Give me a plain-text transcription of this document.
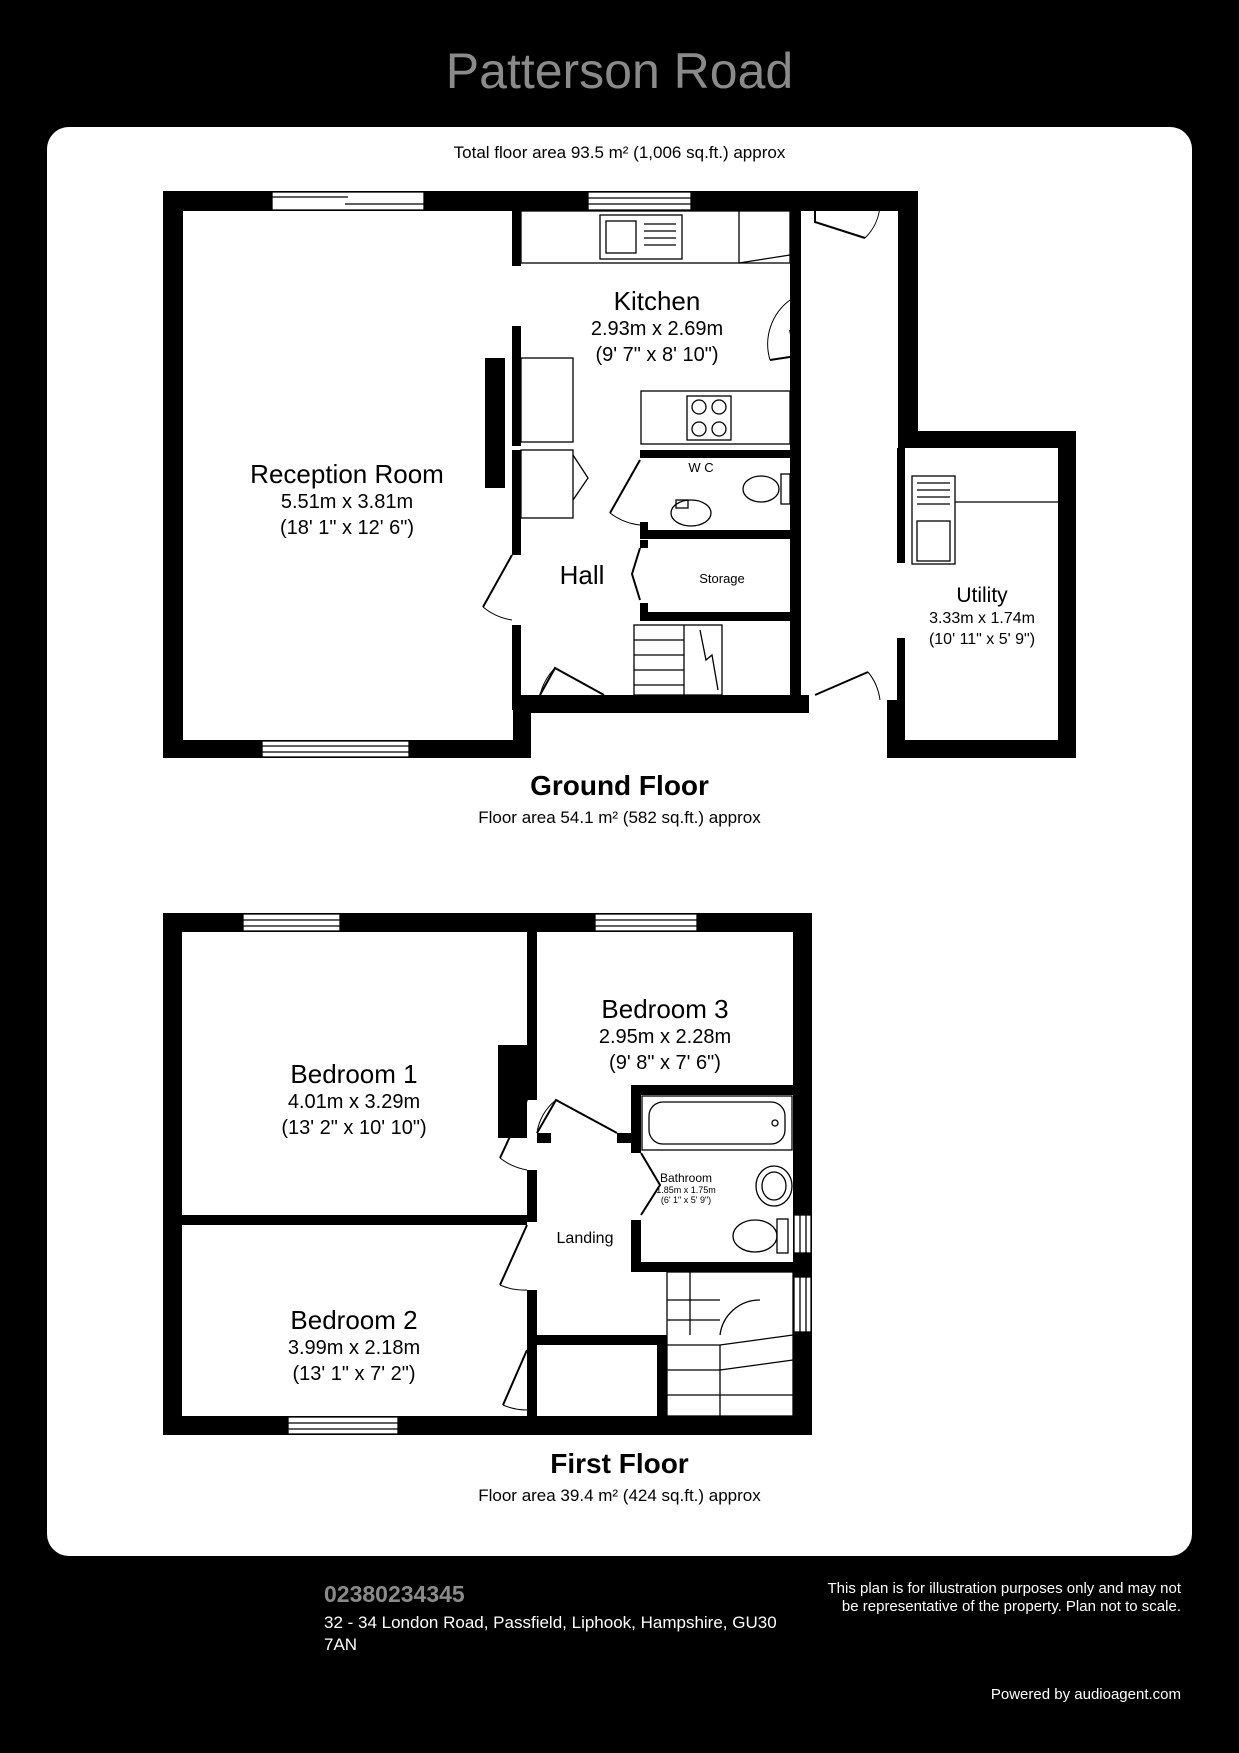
Patterson Road
Total floor area 93.5 m² (1,006 sq.ft.) approx
Reception Room
5.51m x 3.81m
(18' 1" x 12' 6")
Kitchen
2.93m x 2.69m
(9' 7" x 8' 10")
W C
Hall	Storage
Utility
3.33m x 1.74m
(10' 11" x 5' 9")
Ground Floor
Floor area 54.1 m² (582 sq.ft.) approx
Bedroom 1
4.01m x 3.29m
(13' 2" x 10' 10")
Bedroom 3
2.95m x 2.28m
(9' 8" x 7' 6")
Bedroom 2
3.99m x 2.18m
(13' 1" x 7' 2")
Bathroom
1.85m x 1.75m
(6' 1" x 5' 9")
Landing
First Floor
Floor area 39.4 m² (424 sq.ft.) approx
02380234345
32 - 34 London Road, Passfield, Liphook, Hampshire, GU30 7AN
This plan is for illustration purposes only and may not be representative of the property. Plan not to scale.
Powered by audioagent.com
